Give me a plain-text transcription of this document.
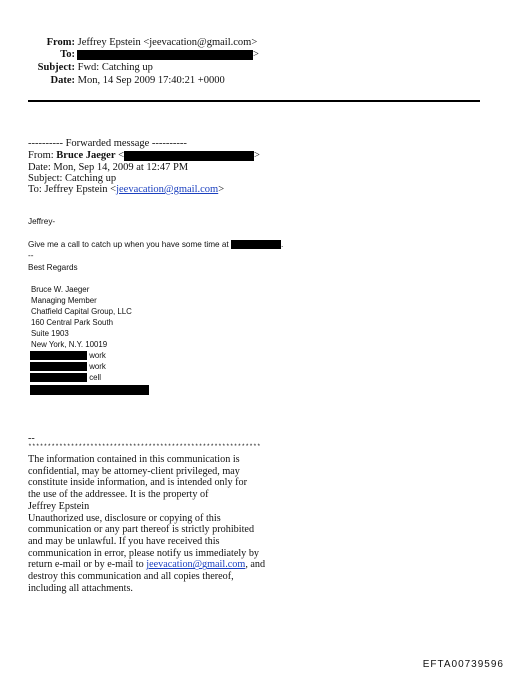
From: Jeffrey Epstein <jeevacation@gmail.com>
To:	>
Subject: Fwd: Catching up
Date: Mon, 14 Sep 2009 17:40:21 +0000
---------- Forwarded message ----------
From: Bruce Jaeger <	>
Date: Mon, Sep 14, 2009 at 12:47 PM
Subject: Catching up
To: Jeffrey Epstein <jeevacation@gmail.com>
Jeffrey-
Give me a call to catch up when you have some time at	.
--
Best Regards
Bruce W. Jaeger
Managing Member
Chatfield Capital Group, LLC
160 Central Park South
Suite 1903
New York, N.Y. 10019
work
work
cell
--
************************************************************
The information contained in this communication is
confidential, may be attorney-client privileged, may
constitute inside information, and is intended only for
the use of the addressee. It is the property of
Jeffrey Epstein
Unauthorized use, disclosure or copying of this
communication or any part thereof is strictly prohibited
and may be unlawful. If you have received this
communication in error, please notify us immediately by
return e-mail or by e-mail to jeevacation@gmail.com, and
destroy this communication and all copies thereof,
including all attachments.
EFTA00739596
